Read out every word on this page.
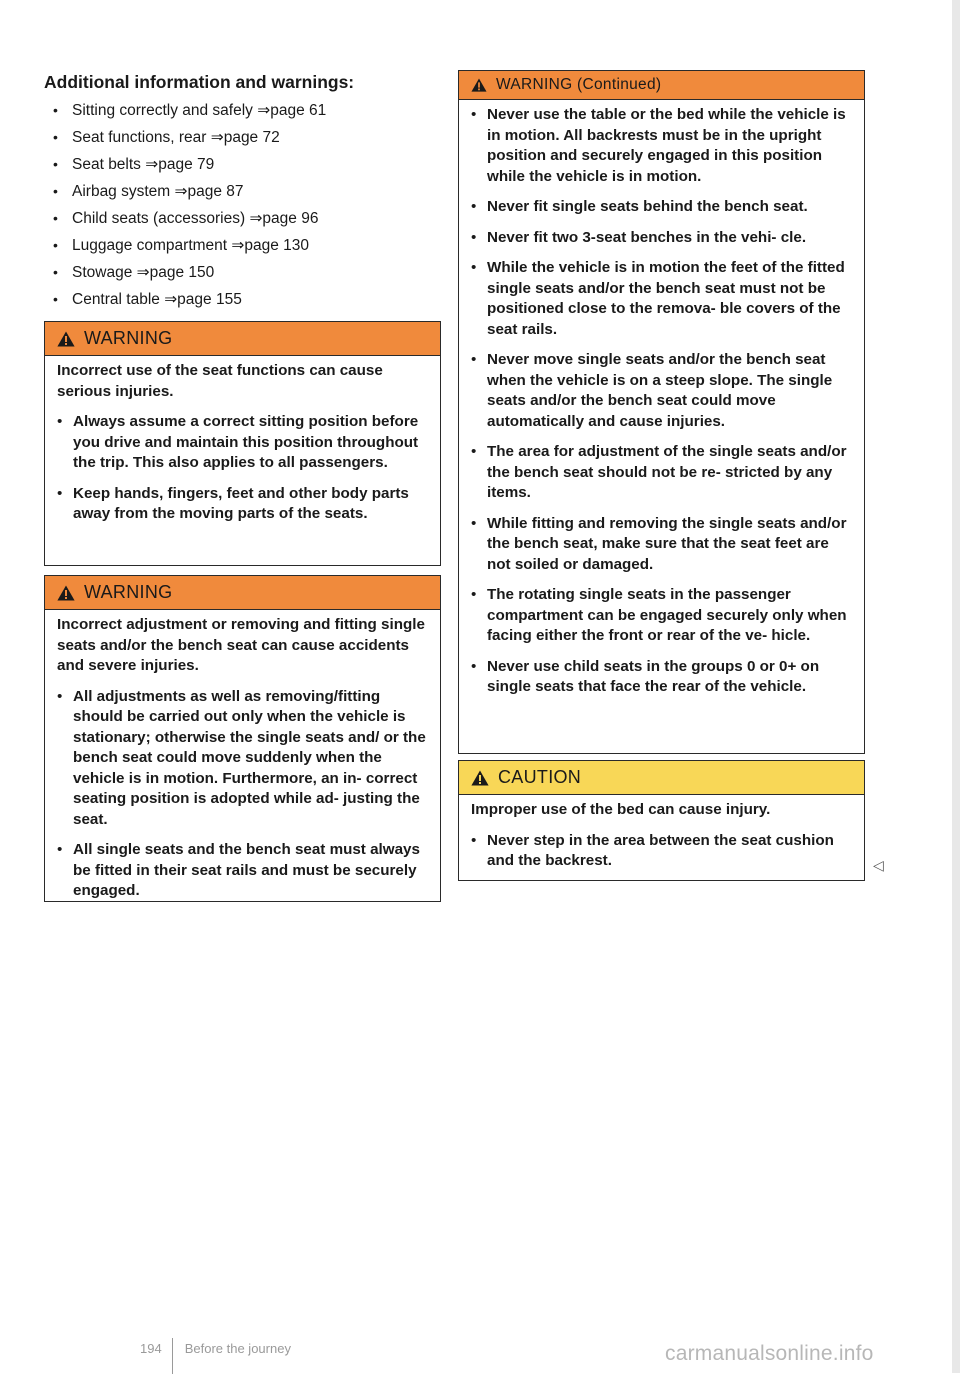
Additional information and warnings:
• Sitting correctly and safely ⇒page 61
• Seat functions, rear ⇒page 72
• Seat belts ⇒page 79
• Airbag system ⇒page 87
• Child seats (accessories) ⇒page 96
• Luggage compartment ⇒page 130
• Stowage ⇒page 150
• Central table ⇒page 155
WARNING

Incorrect use of the seat functions can cause serious injuries.

• Always assume a correct sitting position before you drive and maintain this position throughout the trip. This also applies to all passengers.

• Keep hands, fingers, feet and other body parts away from the moving parts of the seats.

WARNING

Incorrect adjustment or removing and fitting single seats and/or the bench seat can cause accidents and severe injuries.

• All adjustments as well as removing/fitting should be carried out only when the vehicle is stationary; otherwise the single seats and/ or the bench seat could move suddenly when the vehicle is in motion. Furthermore, an in- correct seating position is adopted while ad- justing the seat.

• All single seats and the bench seat must always be fitted in their seat rails and must be securely engaged.

WARNING (Continued)

• Never use the table or the bed while the vehicle is in motion. All backrests must be in the upright position and securely engaged in this position while the vehicle is in motion.

• Never fit single seats behind the bench seat.

• Never fit two 3-seat benches in the vehi- cle.

• While the vehicle is in motion the feet of the fitted single seats and/or the bench seat must not be positioned close to the remova- ble covers of the seat rails.

• Never move single seats and/or the bench seat when the vehicle is on a steep slope. The single seats and/or the bench seat could move automatically and cause injuries.

• The area for adjustment of the single seats and/or the bench seat should not be re- stricted by any items.

• While fitting and removing the single seats and/or the bench seat, make sure that the seat feet are not soiled or damaged.

• The rotating single seats in the passenger compartment can be engaged securely only when facing either the front or rear of the ve- hicle.

• Never use child seats in the groups 0 or 0+ on single seats that face the rear of the vehicle.

CAUTION

Improper use of the bed can cause injury.

• Never step in the area between the seat cushion and the backrest.	◁
194 Before the journey	carmanualsonline.info
